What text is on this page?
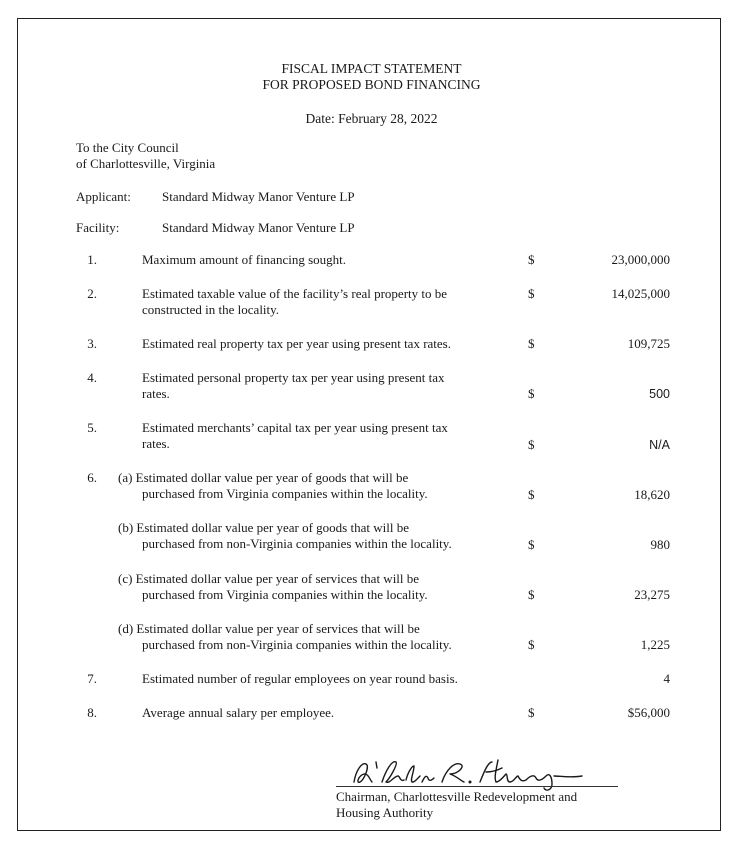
FISCAL IMPACT STATEMENT
FOR PROPOSED BOND FINANCING
Date: February 28, 2022
To the City Council
of Charlottesville, Virginia
Applicant: Standard Midway Manor Venture LP
Facility:	Standard Midway Manor Venture LP
1.	Maximum amount of financing sought.	$	23,000,000
2.	Estimated taxable value of the facility’s real property to be
constructed in the locality.
$	14,025,000
3.	Estimated real property tax per year using present tax rates.	$	109,725
4.	Estimated personal property tax per year using present tax
rates.	$	500
5.	Estimated merchants’ capital tax per year using present tax
rates.	$	N/A
6. (a) Estimated dollar value per year of goods that will be
purchased from Virginia companies within the locality.	$	18,620
(b) Estimated dollar value per year of goods that will be
purchased from non-Virginia companies within the locality.	$	980
(c) Estimated dollar value per year of services that will be
purchased from Virginia companies within the locality.	$	23,275
(d) Estimated dollar value per year of services that will be
purchased from non-Virginia companies within the locality.	$	1,225
7.	Estimated number of regular employees on year round basis.	4
8.	Average annual salary per employee.	$	$56,000
Chairman, Charlottesville Redevelopment and
Housing Authority
